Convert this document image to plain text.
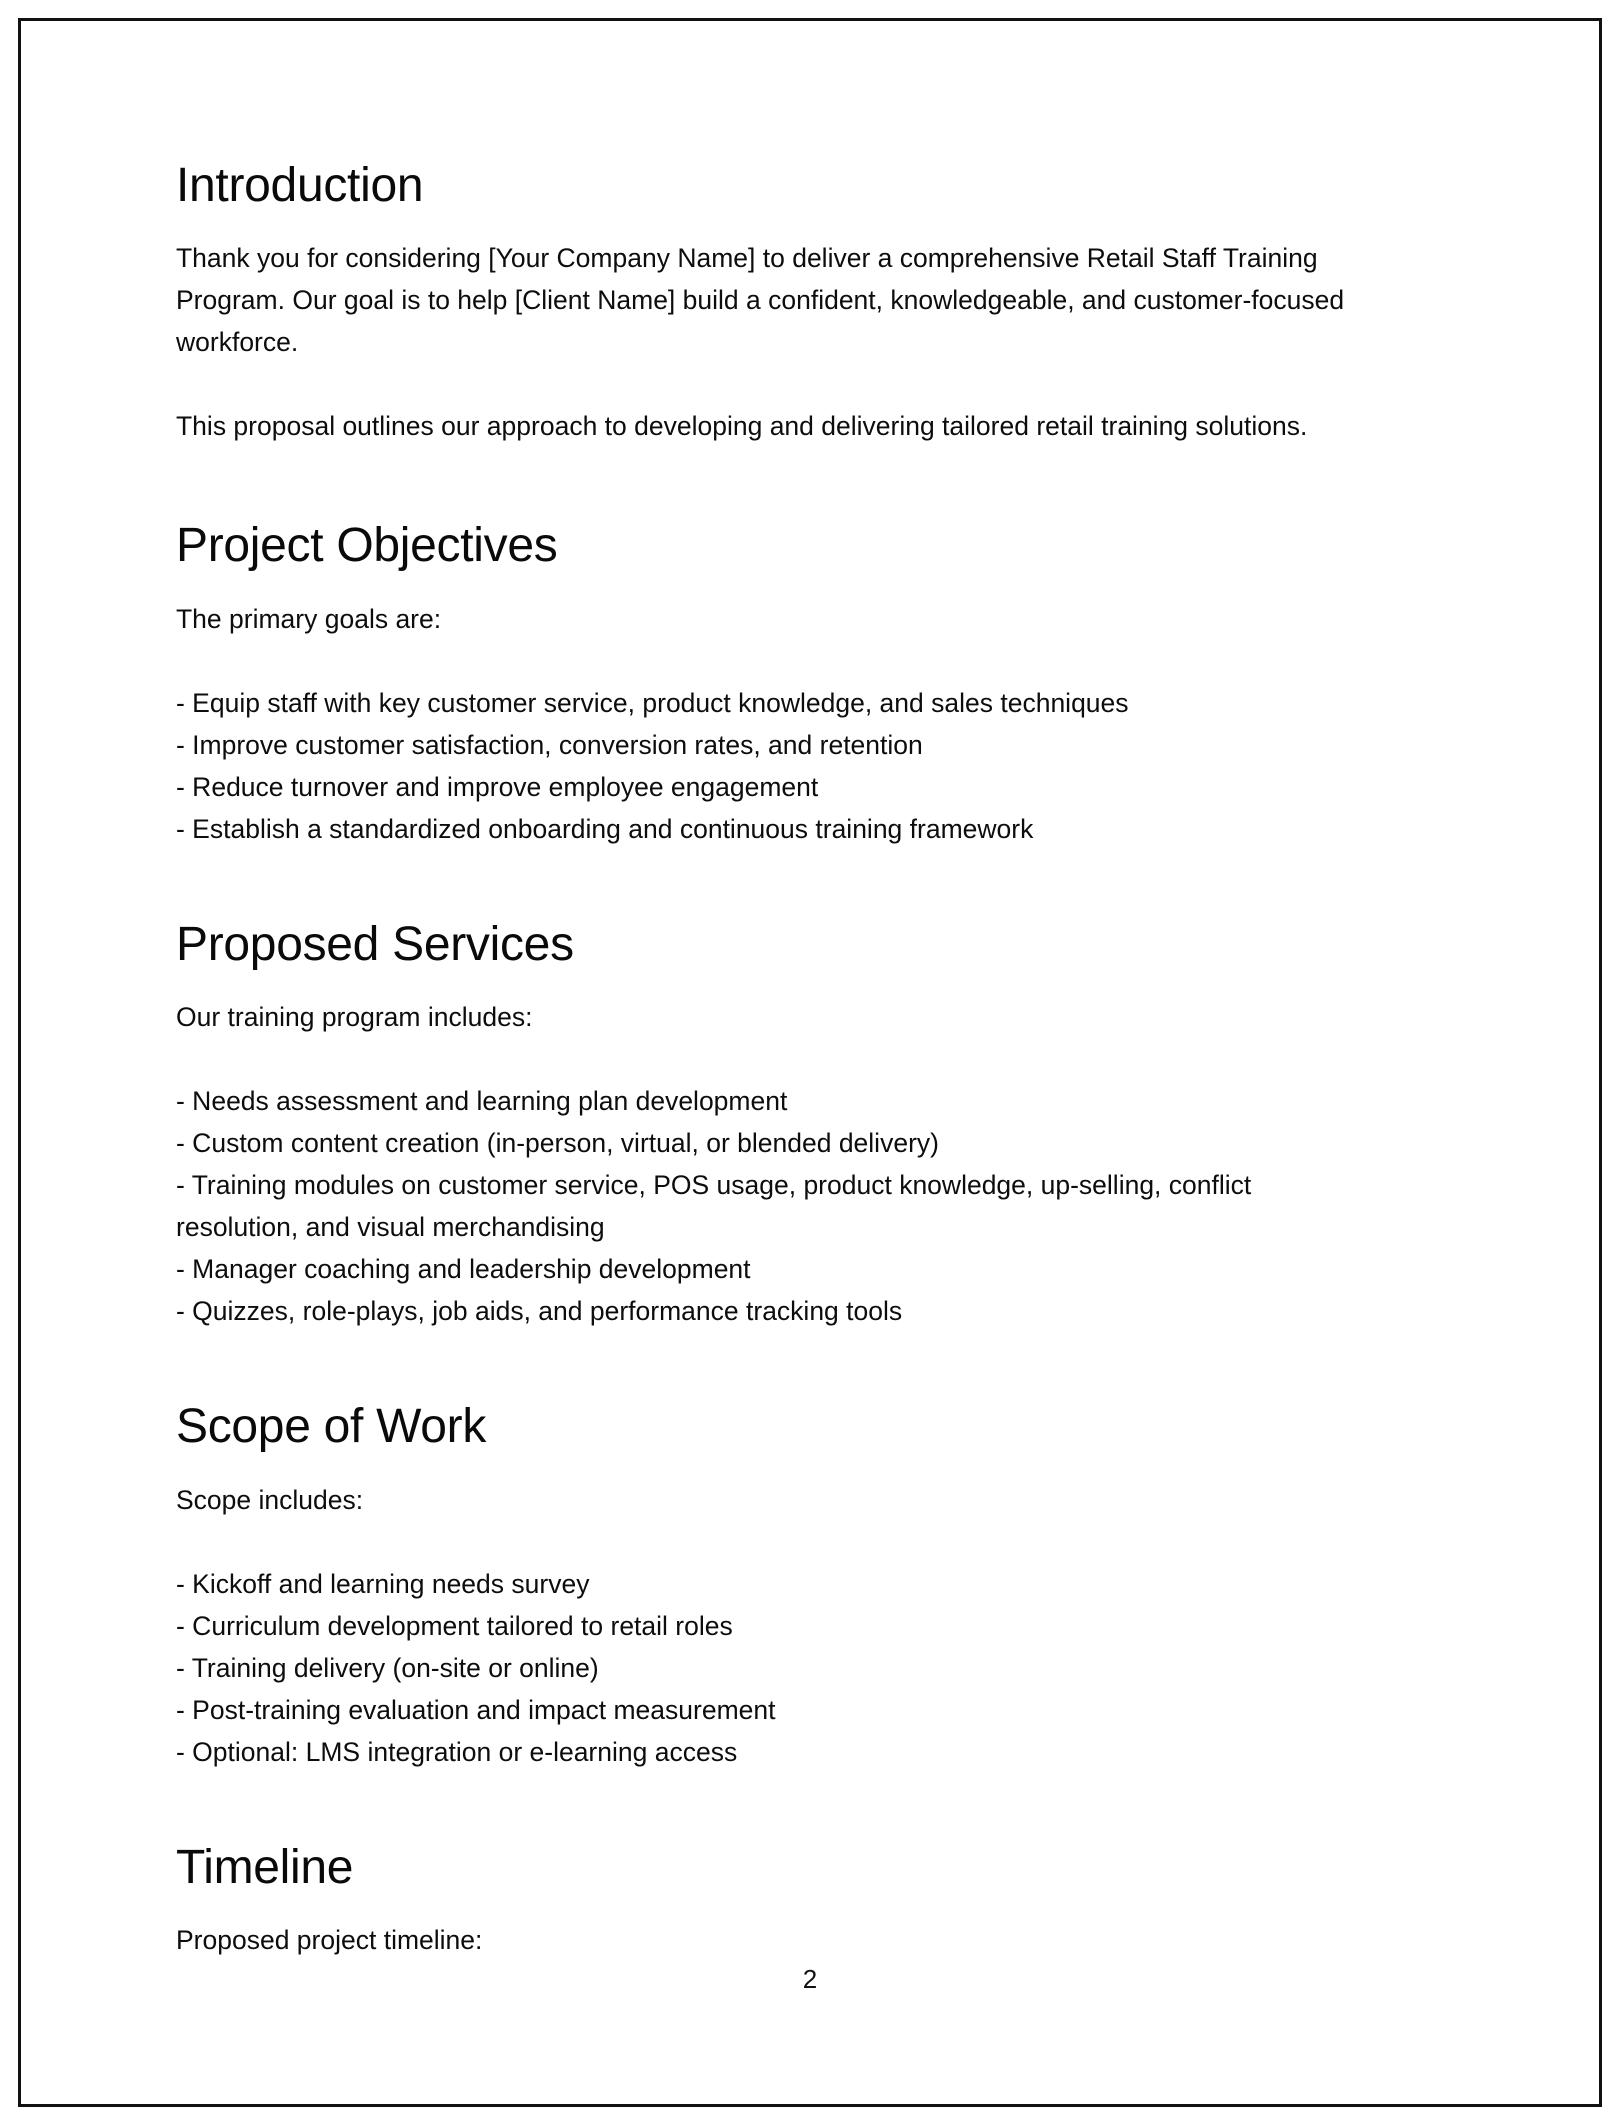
Introduction

Thank you for considering [Your Company Name] to deliver a comprehensive Retail Staff Training Program. Our goal is to help [Client Name] build a confident, knowledgeable, and customer-focused workforce.

This proposal outlines our approach to developing and delivering tailored retail training solutions.

Project Objectives

The primary goals are:

- Equip staff with key customer service, product knowledge, and sales techniques
- Improve customer satisfaction, conversion rates, and retention
- Reduce turnover and improve employee engagement
- Establish a standardized onboarding and continuous training framework
Proposed Services

Our training program includes:

- Needs assessment and learning plan development
- Custom content creation (in-person, virtual, or blended delivery)
- Training modules on customer service, POS usage, product knowledge, up-selling, conflict resolution, and visual merchandising
- Manager coaching and leadership development
- Quizzes, role-plays, job aids, and performance tracking tools
Scope of Work

Scope includes:

- Kickoff and learning needs survey
- Curriculum development tailored to retail roles
- Training delivery (on-site or online)
- Post-training evaluation and impact measurement
- Optional: LMS integration or e-learning access
Timeline

Proposed project timeline:

2
